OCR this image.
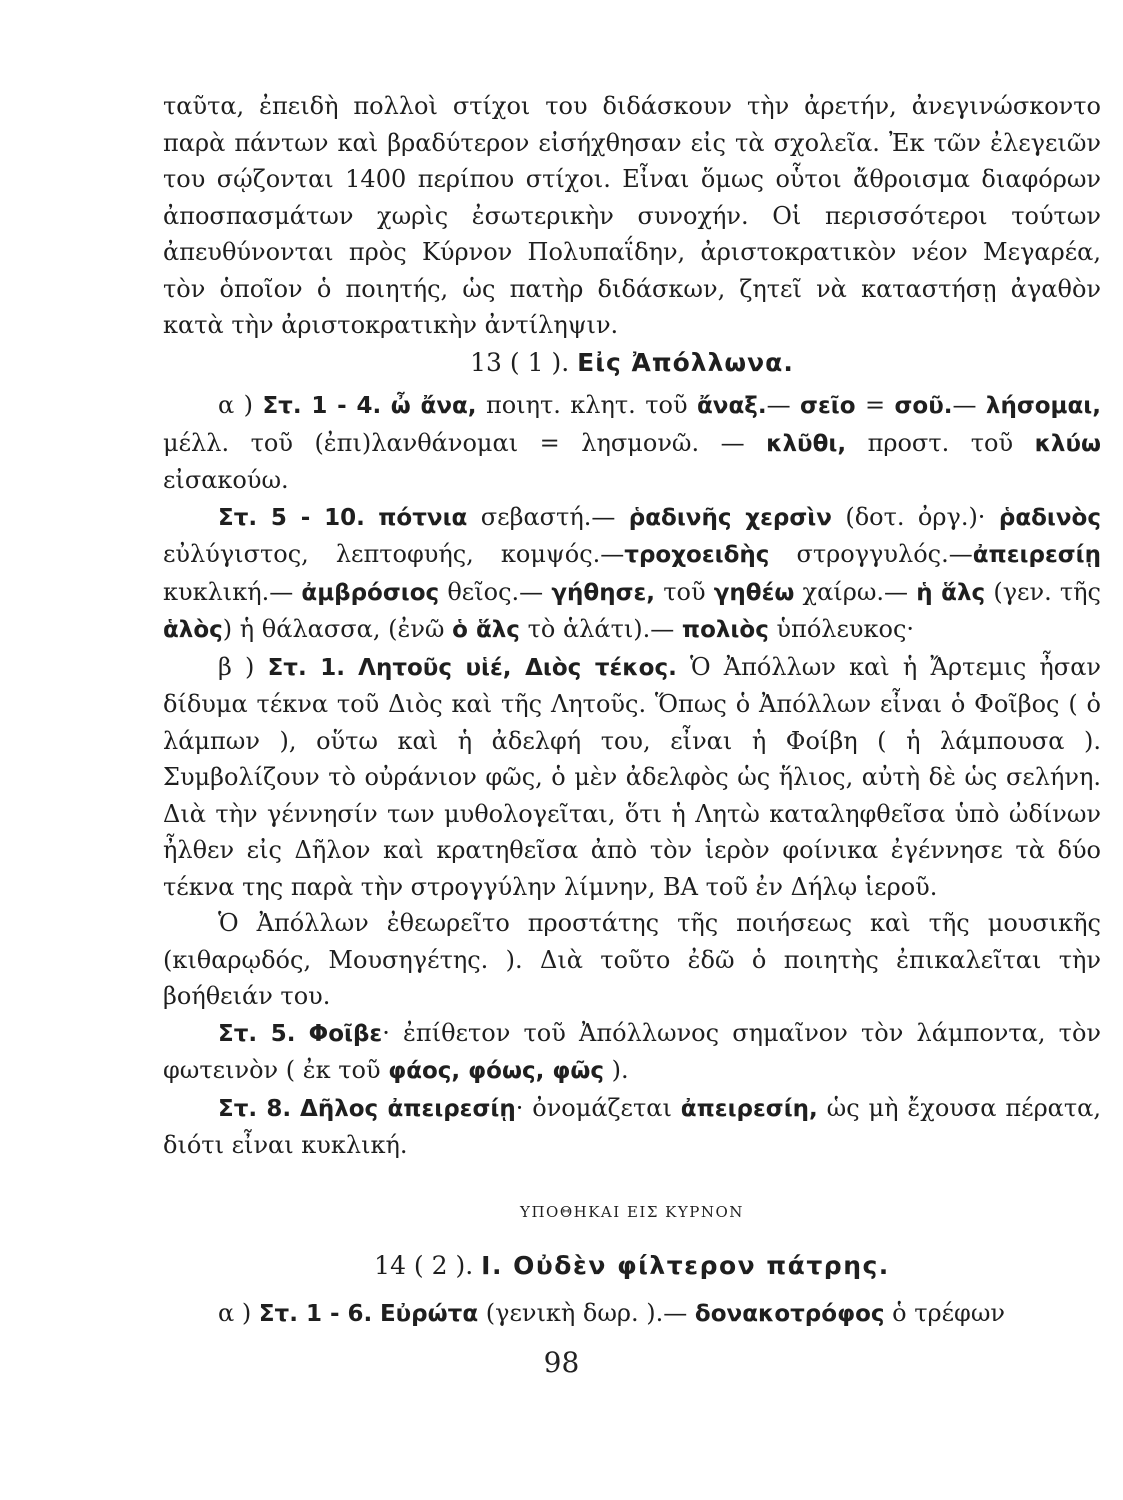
ταῦτα, ἐπειδὴ πολλοὶ στίχοι του διδάσκουν τὴν ἀρετήν, ἀνεγινώσκοντο παρὰ πάντων καὶ βραδύτερον εἰσήχθησαν εἰς τὰ σχολεῖα. Ἐκ τῶν ἐλεγειῶν του σῴζονται 1400 περίπου στίχοι. Εἶναι ὅμως οὗτοι ἄθροισμα διαφόρων ἀποσπασμάτων χωρὶς ἐσωτερικὴν συνοχήν. Οἱ περισσότεροι τούτων ἀπευθύνονται πρὸς Κύρνον Πολυπαΐδην, ἀριστοκρατικὸν νέον Μεγαρέα, τὸν ὁποῖον ὁ ποιητής, ὡς πατὴρ διδάσκων, ζητεῖ νὰ καταστήσῃ ἀγαθὸν κατὰ τὴν ἀριστοκρατικὴν ἀντίληψιν.

13 ( 1 ). Εἰς Ἀπόλλωνα.

α ) Στ. 1 - 4. ὦ ἄνα, ποιητ. κλητ. τοῦ ἄναξ.— σεῖο = σοῦ.— λήσομαι, μέλλ. τοῦ (ἐπι)λανθάνομαι = λησμονῶ. — κλῦθι, προστ. τοῦ κλύω εἰσακούω.

Στ. 5 - 10. πότνια σεβαστή.— ῥαδινῆς χερσὶν (δοτ. ὀργ.)· ῥαδινὸς εὐλύγιστος, λεπτοφυής, κομψός.—τροχοειδὴς στρογγυλός.—ἀπειρεσίῃ κυκλική.— ἀμβρόσιος θεῖος.— γήθησε, τοῦ γηθέω χαίρω.— ἡ ἅλς (γεν. τῆς ἁλὸς) ἡ θάλασσα, (ἐνῶ ὁ ἅλς τὸ ἁλάτι).— πολιὸς ὑπόλευκος·

β ) Στ. 1. Λητοῦς υἱέ, Διὸς τέκος. Ὁ Ἀπόλλων καὶ ἡ Ἄρτεμις ἦσαν δίδυμα τέκνα τοῦ Διὸς καὶ τῆς Λητοῦς. Ὅπως ὁ Ἀπόλλων εἶναι ὁ Φοῖβος ( ὁ λάμπων ), οὕτω καὶ ἡ ἀδελφή του, εἶναι ἡ Φοίβη ( ἡ λάμπουσα ). Συμβολίζουν τὸ οὐράνιον φῶς, ὁ μὲν ἀδελφὸς ὡς ἥλιος, αὐτὴ δὲ ὡς σελήνη. Διὰ τὴν γέννησίν των μυθολογεῖται, ὅτι ἡ Λητὼ καταληφθεῖσα ὑπὸ ὠδίνων ἦλθεν εἰς Δῆλον καὶ κρατηθεῖσα ἀπὸ τὸν ἱερὸν φοίνικα ἐγέννησε τὰ δύο τέκνα της παρὰ τὴν στρογγύλην λίμνην, ΒΑ τοῦ ἐν Δήλῳ ἱεροῦ.

Ὁ Ἀπόλλων ἐθεωρεῖτο προστάτης τῆς ποιήσεως καὶ τῆς μουσικῆς (κιθαρῳδός, Μουσηγέτης. ). Διὰ τοῦτο ἐδῶ ὁ ποιητὴς ἐπικαλεῖται τὴν βοήθειάν του.

Στ. 5. Φοῖβε· ἐπίθετον τοῦ Ἀπόλλωνος σημαῖνον τὸν λάμποντα, τὸν φωτεινὸν ( ἐκ τοῦ φάος, φόως, φῶς ).

Στ. 8. Δῆλος ἀπειρεσίῃ· ὀνομάζεται ἀπειρεσίη, ὡς μὴ ἔχουσα πέρατα, διότι εἶναι κυκλική.

ΥΠΟΘΗΚΑΙ ΕΙΣ ΚΥΡΝΟΝ

14 ( 2 ). Ι. Οὐδὲν φίλτερον πάτρης.

α ) Στ. 1 - 6. Εὐρώτα (γενικὴ δωρ. ).— δονακοτρόφος ὁ τρέφων

98
